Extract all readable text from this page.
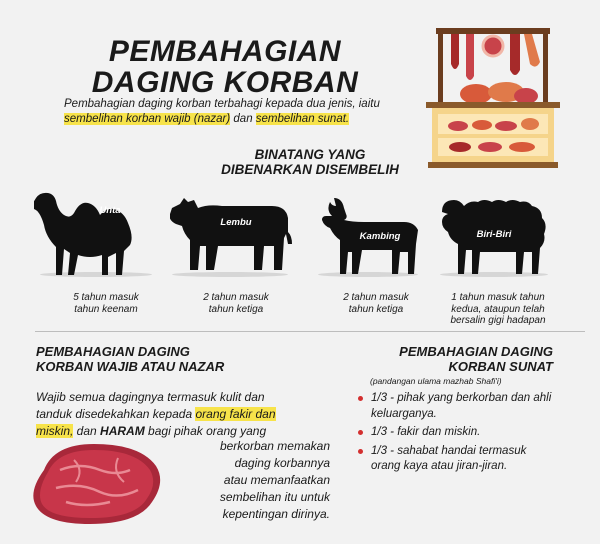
PEMBAHAGIAN
DAGING KORBAN
Pembahagian daging korban terbahagi kepada dua jenis, iaitu sembelihan korban wajib (nazar) dan sembelihan sunat.
BINATANG YANG
DIBENARKAN DISEMBELIH
Unta
Lembu
Kambing	Biri-Biri
5 tahun masuk
tahun keenam
2 tahun masuk
tahun ketiga
2 tahun masuk
tahun ketiga
1 tahun masuk tahun
kedua, ataupun telah
bersalin gigi hadapan
PEMBAHAGIAN DAGING
KORBAN WAJIB ATAU NAZAR
Wajib semua dagingnya termasuk kulit dan
tanduk disedekahkan kepada orang fakir dan
miskin, dan HARAM bagi pihak orang yang
berkorban memakan
daging korbannya
atau memanfaatkan
sembelihan itu untuk
kepentingan dirinya.
PEMBAHAGIAN DAGING
KORBAN SUNAT
(pandangan ulama mazhab Shafi'i)
1/3 - pihak yang berkorban dan ahli keluarganya.
1/3 - fakir dan miskin.
1/3 - sahabat handai termasuk orang kaya atau jiran-jiran.
